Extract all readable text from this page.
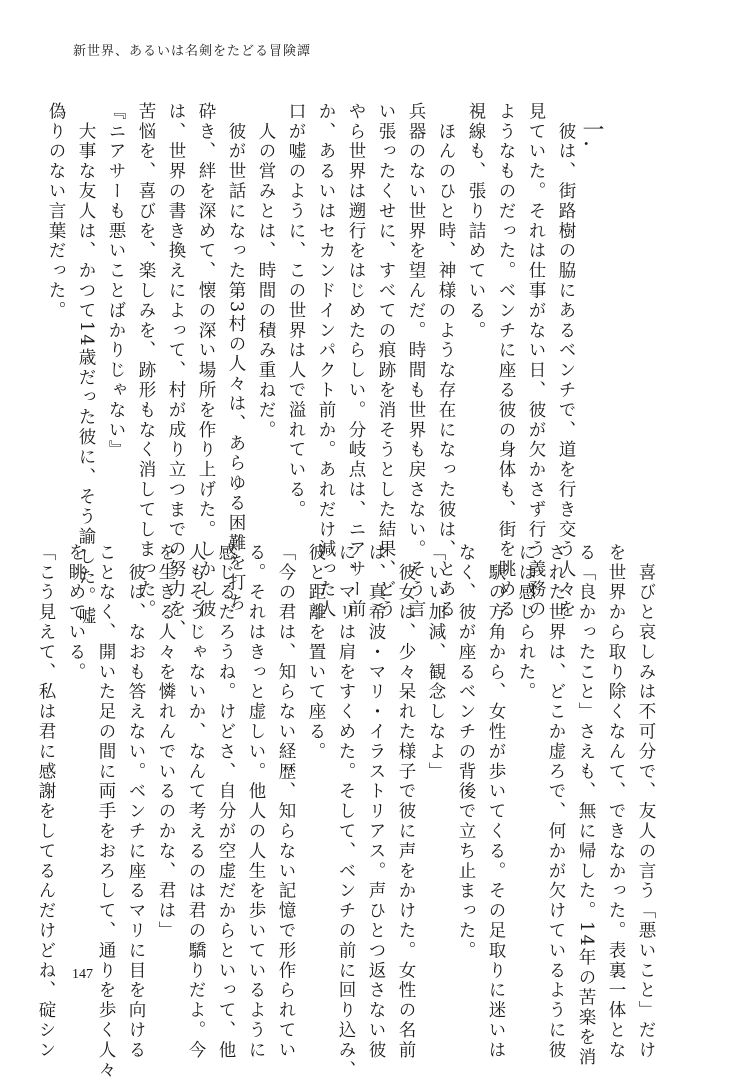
新世界、あるいは名剣をたどる冒険譚
一.

　彼は、街路樹の脇にあるベンチで、道を行き交う人々を

見ていた。それは仕事がない日、彼が欠かさず行う義務の

ようなものだった。ベンチに座る彼の身体も、街を眺める

視線も、張り詰めている。

　ほんのひと時、神様のような存在になった彼は、とある

兵器のない世界を望んだ。時間も世界も戻さない。そう言

い張ったくせに、すべての痕跡を消そうとした結果、どう

やら世界は遡行をはじめたらしい。分岐点は、ニアサー前

か、あるいはセカンドインパクト前か。あれだけ減った人

口が嘘のように、この世界は人で溢れている。

　人の営みとは、時間の積み重ねだ。

　彼が世話になった第3村の人々は、あらゆる困難を打ち

砕き、絆を深めて、懐の深い場所を作り上げた。しかし彼

は、世界の書き換えによって、村が成り立つまでの努力を、

苦悩を、喜びを、楽しみを、跡形もなく消してしまった。

『ニアサーも悪いことばかりじゃない』

　大事な友人は、かつて14歳だった彼に、そう諭した。嘘

偽りのない言葉だった。

　喜びと哀しみは不可分で、友人の言う「悪いこと」だけ

を世界から取り除くなんて、できなかった。表裏一体とな

る「良かったこと」さえも、無に帰した。14年の苦楽を消

された世界は、どこか虚ろで、何かが欠けているように彼

には感じられた。

　駅の方角から、女性が歩いてくる。その足取りに迷いは

なく、彼が座るベンチの背後で立ち止まった。

「いい加減、観念しなよ」

　彼女は、少々呆れた様子で彼に声をかけた。女性の名前

は、真希波・マリ・イラストリアス。声ひとつ返さない彼

に、マリは肩をすくめた。そして、ベンチの前に回り込み、

彼と距離を置いて座る。

「今の君は、知らない経歴、知らない記憶で形作られてい

る。それはきっと虚しい。他人の人生を歩いているように

感じるだろうね。けどさ、自分が空虚だからといって、他

人もそうじゃないか、なんて考えるのは君の驕りだよ。今

を生きる人々を憐れんでいるのかな、君は」

　彼は、なおも答えない。ベンチに座るマリに目を向ける

ことなく、開いた足の間に両手をおろして、通りを歩く人々

を眺めている。

「こう見えて、私は君に感謝をしてるんだけどね、碇シン	147
